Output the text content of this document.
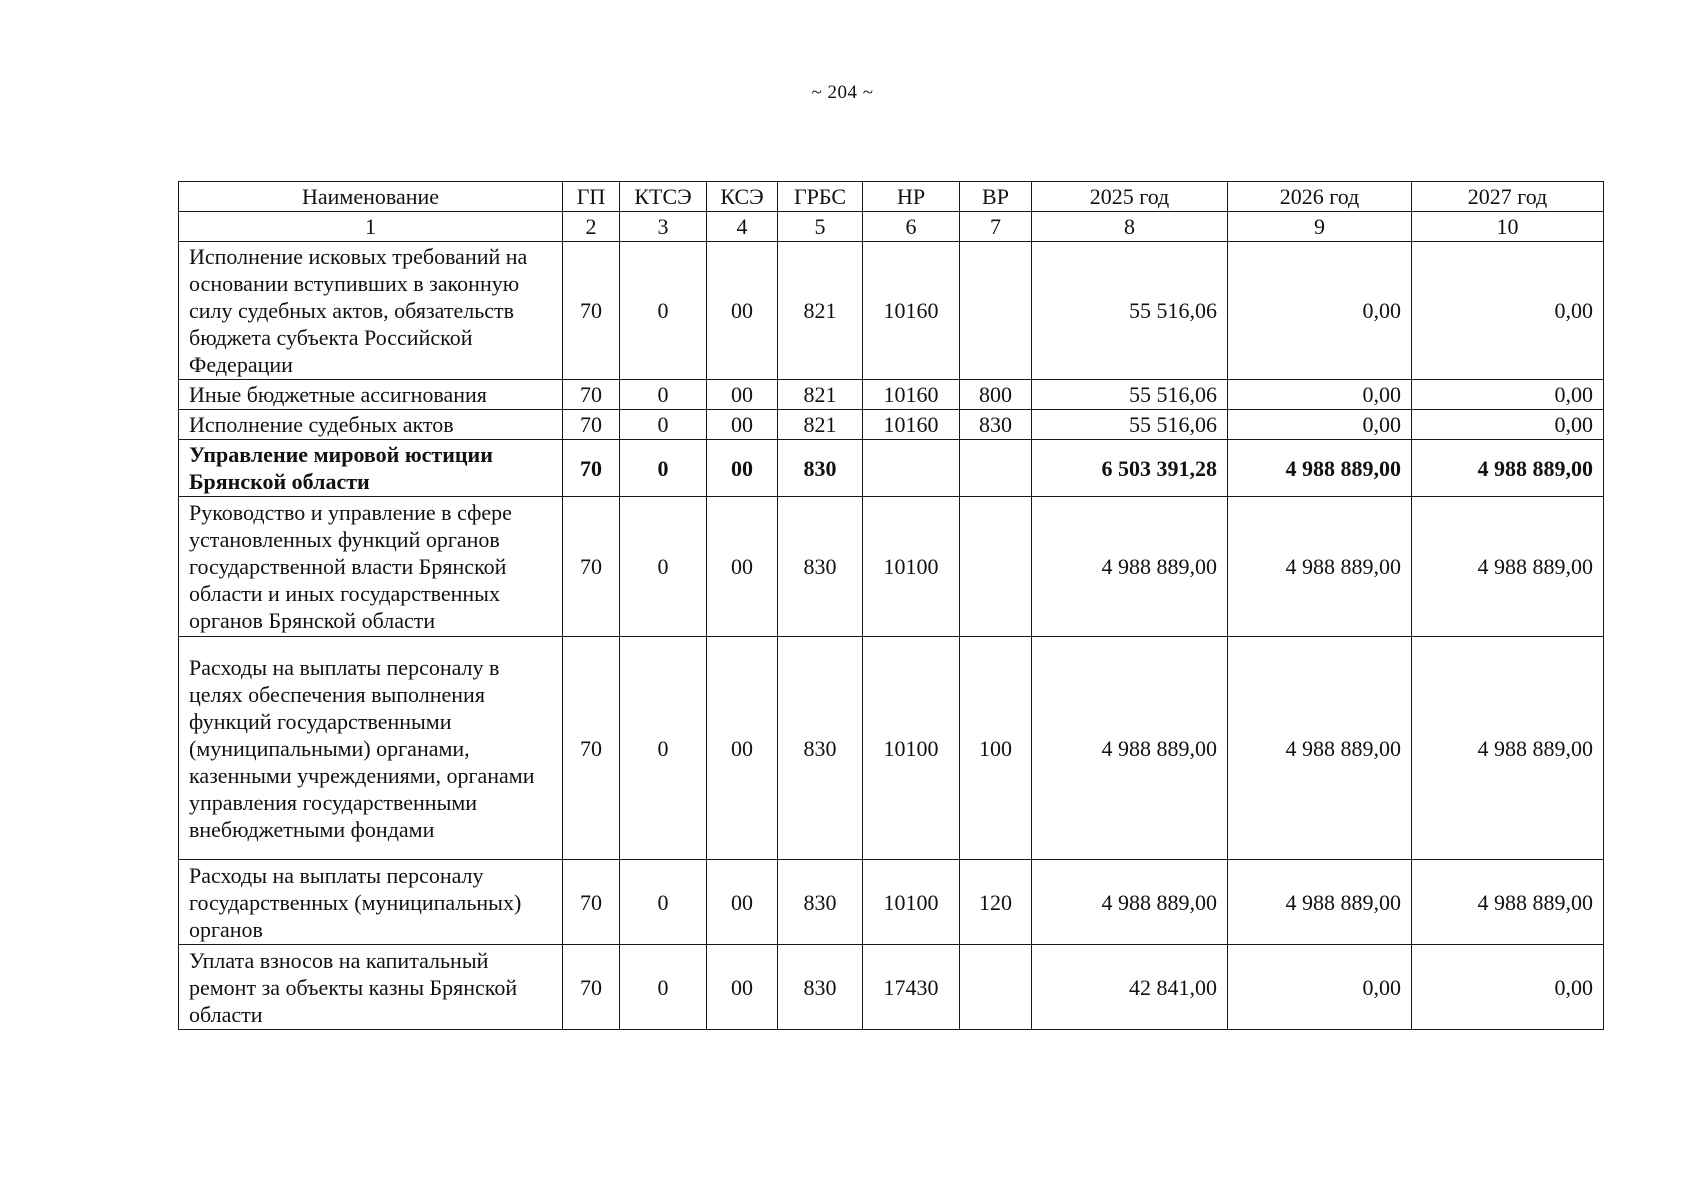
~ 204 ~
Наименование	ГП	КТСЭ	КСЭ	ГРБС	НР	ВР	2025 год	2026 год	2027 год
1	2	3	4	5	6	7	8	9	10
Исполнение исковых требований на основании вступивших в законную силу судебных актов, обязательств бюджета субъекта Российской Федерации	70	0	00	821	10160		55 516,06	0,00	0,00
Иные бюджетные ассигнования	70	0	00	821	10160	800	55 516,06	0,00	0,00
Исполнение судебных актов	70	0	00	821	10160	830	55 516,06	0,00	0,00
Управление мировой юстиции Брянской области	70	0	00	830			6 503 391,28	4 988 889,00	4 988 889,00
Руководство и управление в сфере установленных функций органов государственной власти Брянской области и иных государственных органов Брянской области	70	0	00	830	10100		4 988 889,00	4 988 889,00	4 988 889,00
Расходы на выплаты персоналу в целях обеспечения выполнения функций государственными (муниципальными) органами, казенными учреждениями, органами управления государственными внебюджетными фондами	70	0	00	830	10100	100	4 988 889,00	4 988 889,00	4 988 889,00
Расходы на выплаты персоналу государственных (муниципальных) органов	70	0	00	830	10100	120	4 988 889,00	4 988 889,00	4 988 889,00
Уплата взносов на капитальный ремонт за объекты казны Брянской области	70	0	00	830	17430		42 841,00	0,00	0,00
